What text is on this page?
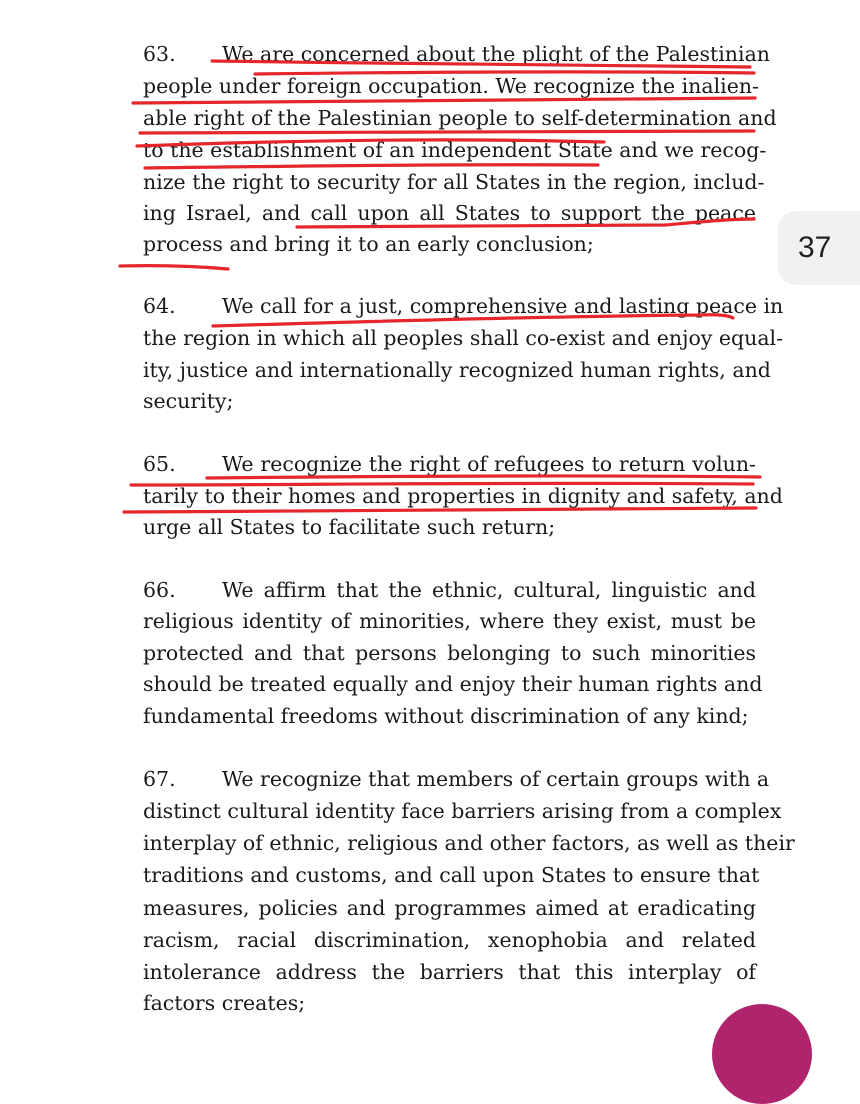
63. We are concerned about the plight of the Palestinian
people under foreign occupation. We recognize the inalien-
able right of the Palestinian people to self-determination and
to the establishment of an independent State and we recog-
nize the right to security for all States in the region, includ-
ing Israel, and call upon all States to support the peace
process and bring it to an early conclusion;
64. We call for a just, comprehensive and lasting peace in
the region in which all peoples shall co-exist and enjoy equal-
ity, justice and internationally recognized human rights, and
security;
65. We recognize the right of refugees to return volun-
tarily to their homes and properties in dignity and safety, and
urge all States to facilitate such return;
66. We affirm that the ethnic, cultural, linguistic and
religious identity of minorities, where they exist, must be
protected and that persons belonging to such minorities
should be treated equally and enjoy their human rights and
fundamental freedoms without discrimination of any kind;
67. We recognize that members of certain groups with a
distinct cultural identity face barriers arising from a complex
interplay of ethnic, religious and other factors, as well as their
traditions and customs, and call upon States to ensure that
measures, policies and programmes aimed at eradicating
racism, racial discrimination, xenophobia and related
intolerance address the barriers that this interplay of
factors creates;
37
